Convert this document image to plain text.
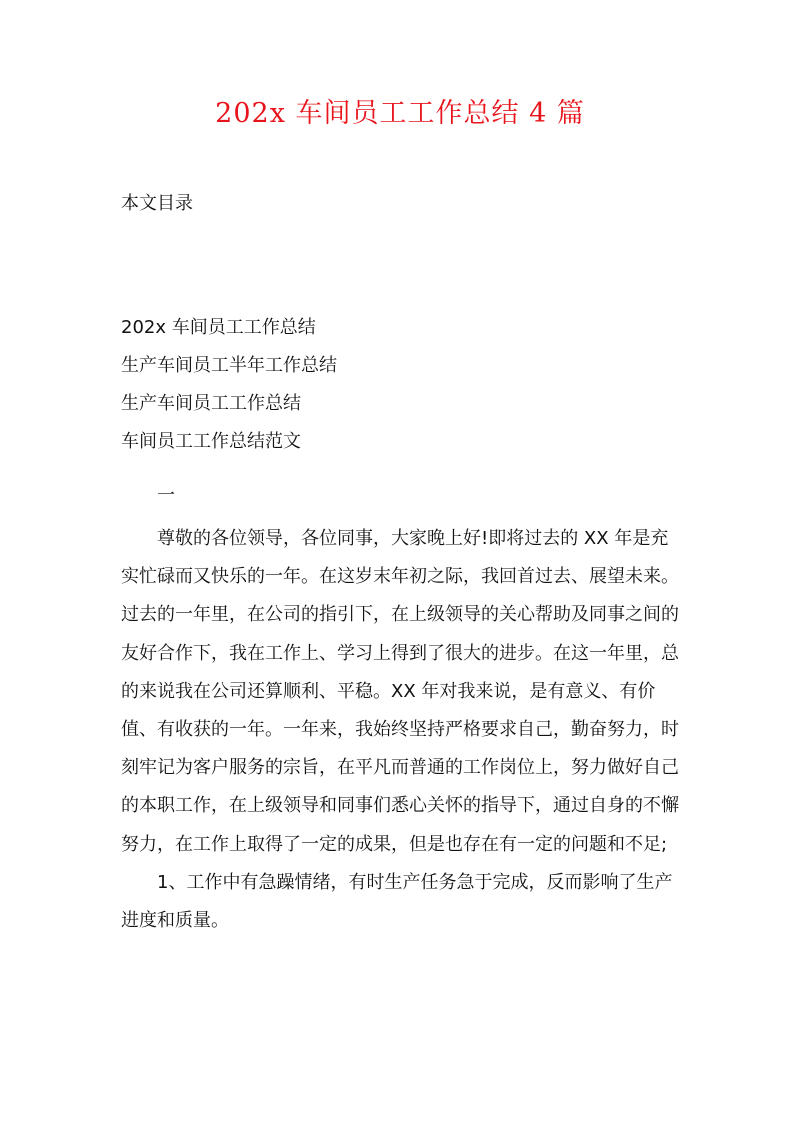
202x 车间员工工作总结 4 篇
本文目录
202x 车间员工工作总结
生产车间员工半年工作总结
生产车间员工工作总结
车间员工工作总结范文
一

尊敬的各位领导，各位同事，大家晚上好!即将过去的 XX 年是充实忙碌而又快乐的一年。在这岁末年初之际，我回首过去、展望未来。过去的一年里，在公司的指引下，在上级领导的关心帮助及同事之间的友好合作下，我在工作上、学习上得到了很大的进步。在这一年里，总的来说我在公司还算顺利、平稳。XX 年对我来说，是有意义、有价值、有收获的一年。一年来，我始终坚持严格要求自己，勤奋努力，时刻牢记为客户服务的宗旨，在平凡而普通的工作岗位上，努力做好自己的本职工作，在上级领导和同事们悉心关怀的指导下，通过自身的不懈努力，在工作上取得了一定的成果，但是也存在有一定的问题和不足;

1、工作中有急躁情绪，有时生产任务急于完成，反而影响了生产进度和质量。
